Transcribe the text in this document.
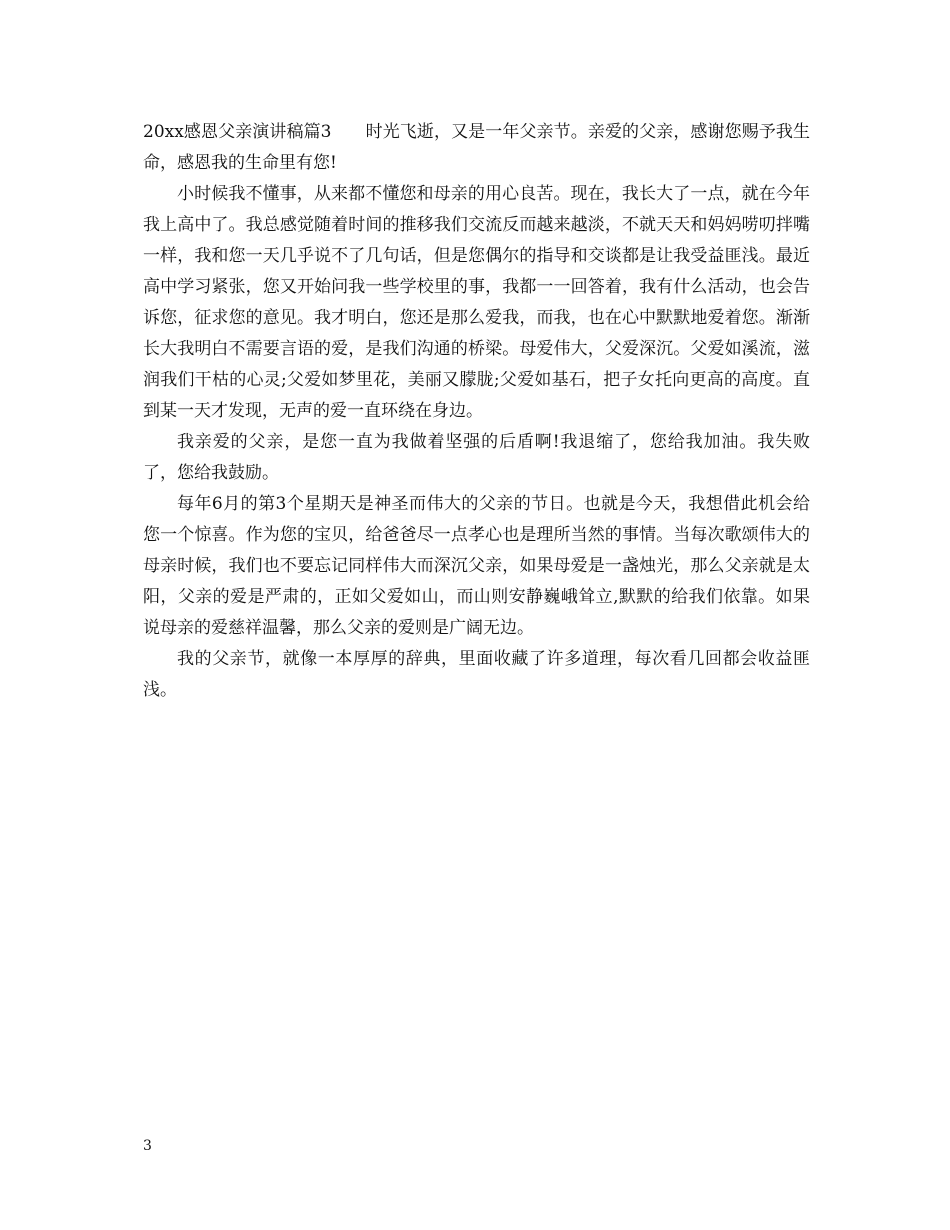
20xx感恩父亲演讲稿篇3 时光飞逝，又是一年父亲节。亲爱的父亲，感谢您赐予我生命，感恩我的生命里有您!

小时候我不懂事，从来都不懂您和母亲的用心良苦。现在，我长大了一点，就在今年我上高中了。我总感觉随着时间的推移我们交流反而越来越淡，不就天天和妈妈唠叨拌嘴一样，我和您一天几乎说不了几句话，但是您偶尔的指导和交谈都是让我受益匪浅。最近高中学习紧张，您又开始问我一些学校里的事，我都一一回答着，我有什么活动，也会告诉您，征求您的意见。我才明白，您还是那么爱我，而我，也在心中默默地爱着您。渐渐长大我明白不需要言语的爱，是我们沟通的桥梁。母爱伟大，父爱深沉。父爱如溪流，滋润我们干枯的心灵;父爱如梦里花，美丽又朦胧;父爱如基石，把子女托向更高的高度。直到某一天才发现，无声的爱一直环绕在身边。

我亲爱的父亲，是您一直为我做着坚强的后盾啊!我退缩了，您给我加油。我失败了，您给我鼓励。

每年6月的第3个星期天是神圣而伟大的父亲的节日。也就是今天，我想借此机会给您一个惊喜。作为您的宝贝，给爸爸尽一点孝心也是理所当然的事情。当每次歌颂伟大的母亲时候，我们也不要忘记同样伟大而深沉父亲，如果母爱是一盏烛光，那么父亲就是太阳，父亲的爱是严肃的，正如父爱如山，而山则安静巍峨耸立,默默的给我们依靠。如果说母亲的爱慈祥温馨，那么父亲的爱则是广阔无边。

我的父亲节，就像一本厚厚的辞典，里面收藏了许多道理，每次看几回都会收益匪浅。

3
